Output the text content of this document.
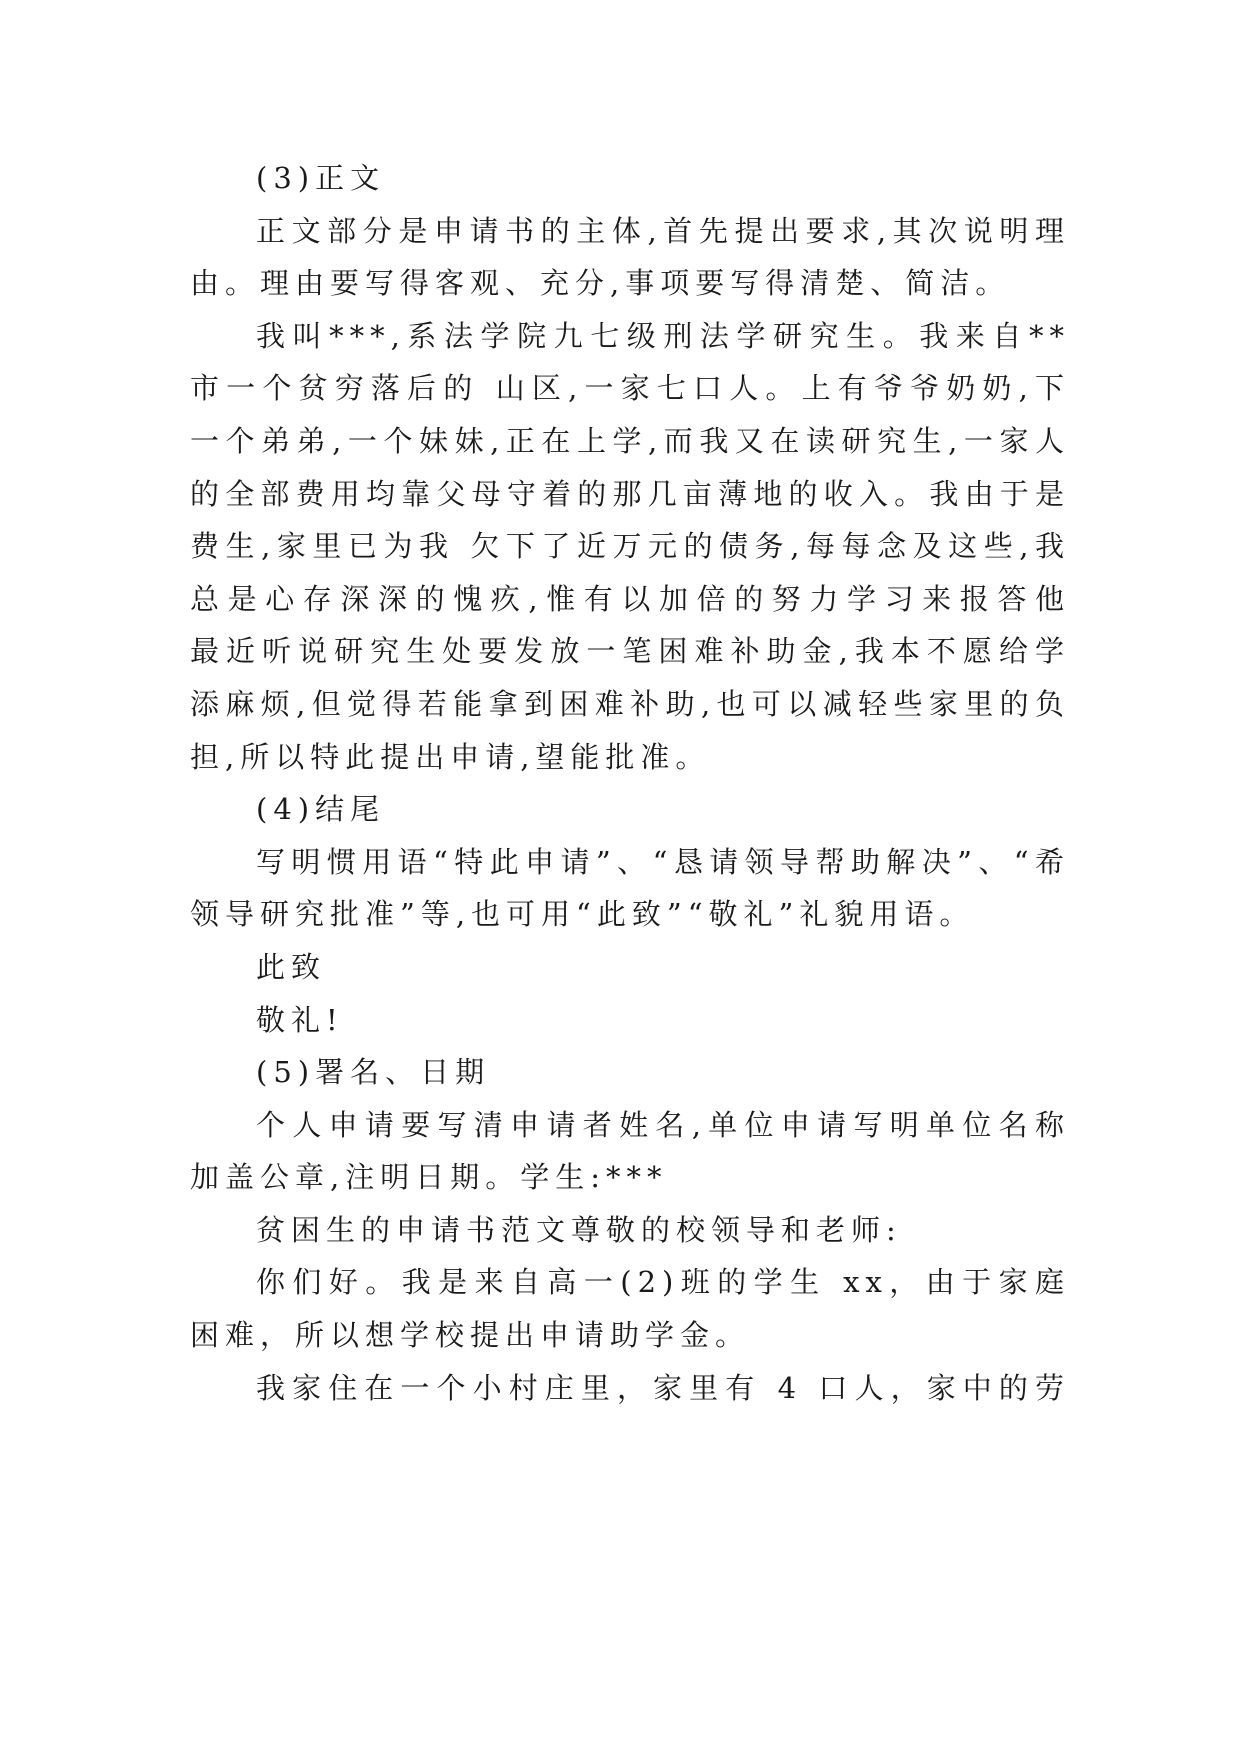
(3)正文
正文部分是申请书的主体,首先提出要求,其次说明理
由。理由要写得客观、充分,事项要写得清楚、简洁。
我叫***,系法学院九七级刑法学研究生。我来自**
市一个贫穷落后的 山区,一家七口人。上有爷爷奶奶,下
一个弟弟,一个妹妹,正在上学,而我又在读研究生,一家人
的全部费用均靠父母守着的那几亩薄地的收入。我由于是
费生,家里已为我 欠下了近万元的债务,每每念及这些,我
总是心存深深的愧疚,惟有以加倍的努力学习来报答他
最近听说研究生处要发放一笔困难补助金,我本不愿给学
添麻烦,但觉得若能拿到困难补助,也可以减轻些家里的负
担,所以特此提出申请,望能批准。
(4)结尾
写明惯用语“特此申请”、“恳请领导帮助解决”、“希
领导研究批准”等,也可用“此致”“敬礼”礼貌用语。
此致
敬礼!
(5)署名、日期
个人申请要写清申请者姓名,单位申请写明单位名称
加盖公章,注明日期。学生:***
贫困生的申请书范文尊敬的校领导和老师:
你们好。我是来自高一(2)班的学生 xx，由于家庭
困难，所以想学校提出申请助学金。
我家住在一个小村庄里，家里有 4 口人，家中的劳
